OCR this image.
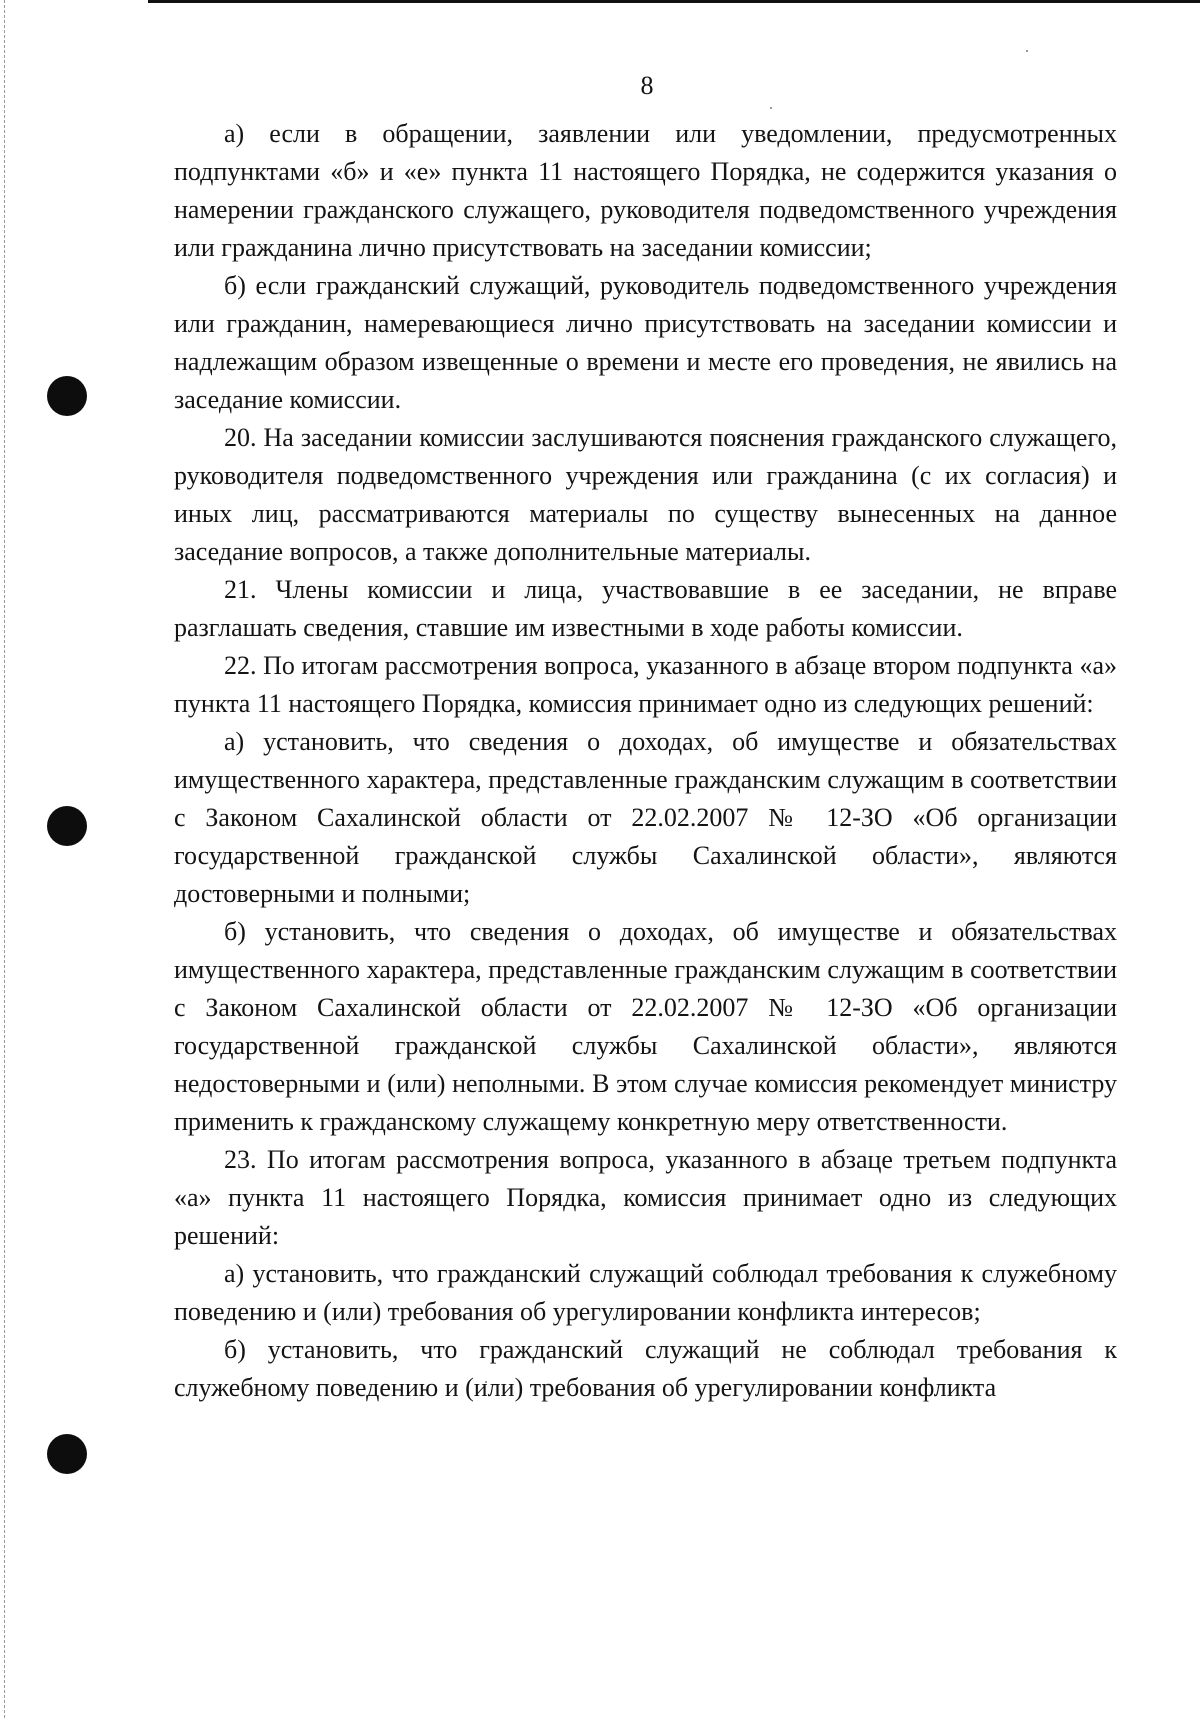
8

а) если в обращении, заявлении или уведомлении, предусмотренных подпунктами «б» и «е» пункта 11 настоящего Порядка, не содержится указания о намерении гражданского служащего, руководителя подведомственного учреждения или гражданина лично присутствовать на заседании комиссии;

б) если гражданский служащий, руководитель подведомственного учреждения или гражданин, намеревающиеся лично присутствовать на заседании комиссии и надлежащим образом извещенные о времени и месте его проведения, не явились на заседание комиссии.

20. На заседании комиссии заслушиваются пояснения гражданского служащего, руководителя подведомственного учреждения или гражданина (с их согласия) и иных лиц, рассматриваются материалы по существу вынесенных на данное заседание вопросов, а также дополнительные материалы.

21. Члены комиссии и лица, участвовавшие в ее заседании, не вправе разглашать сведения, ставшие им известными в ходе работы комиссии.

22. По итогам рассмотрения вопроса, указанного в абзаце втором подпункта «а» пункта 11 настоящего Порядка, комиссия принимает одно из следующих решений:

а) установить, что сведения о доходах, об имуществе и обязательствах имущественного характера, представленные гражданским служащим в соответствии с Законом Сахалинской области от 22.02.2007 № 12-ЗО «Об организации государственной гражданской службы Сахалинской области», являются достоверными и полными;

б) установить, что сведения о доходах, об имуществе и обязательствах имущественного характера, представленные гражданским служащим в соответствии с Законом Сахалинской области от 22.02.2007 № 12-ЗО «Об организации государственной гражданской службы Сахалинской области», являются недостоверными и (или) неполными. В этом случае комиссия рекомендует министру применить к гражданскому служащему конкретную меру ответственности.

23. По итогам рассмотрения вопроса, указанного в абзаце третьем подпункта «а» пункта 11 настоящего Порядка, комиссия принимает одно из следующих решений:

а) установить, что гражданский служащий соблюдал требования к служебному поведению и (или) требования об урегулировании конфликта интересов;

б) установить, что гражданский служащий не соблюдал требования к служебному поведению и (или) требования об урегулировании конфликта
